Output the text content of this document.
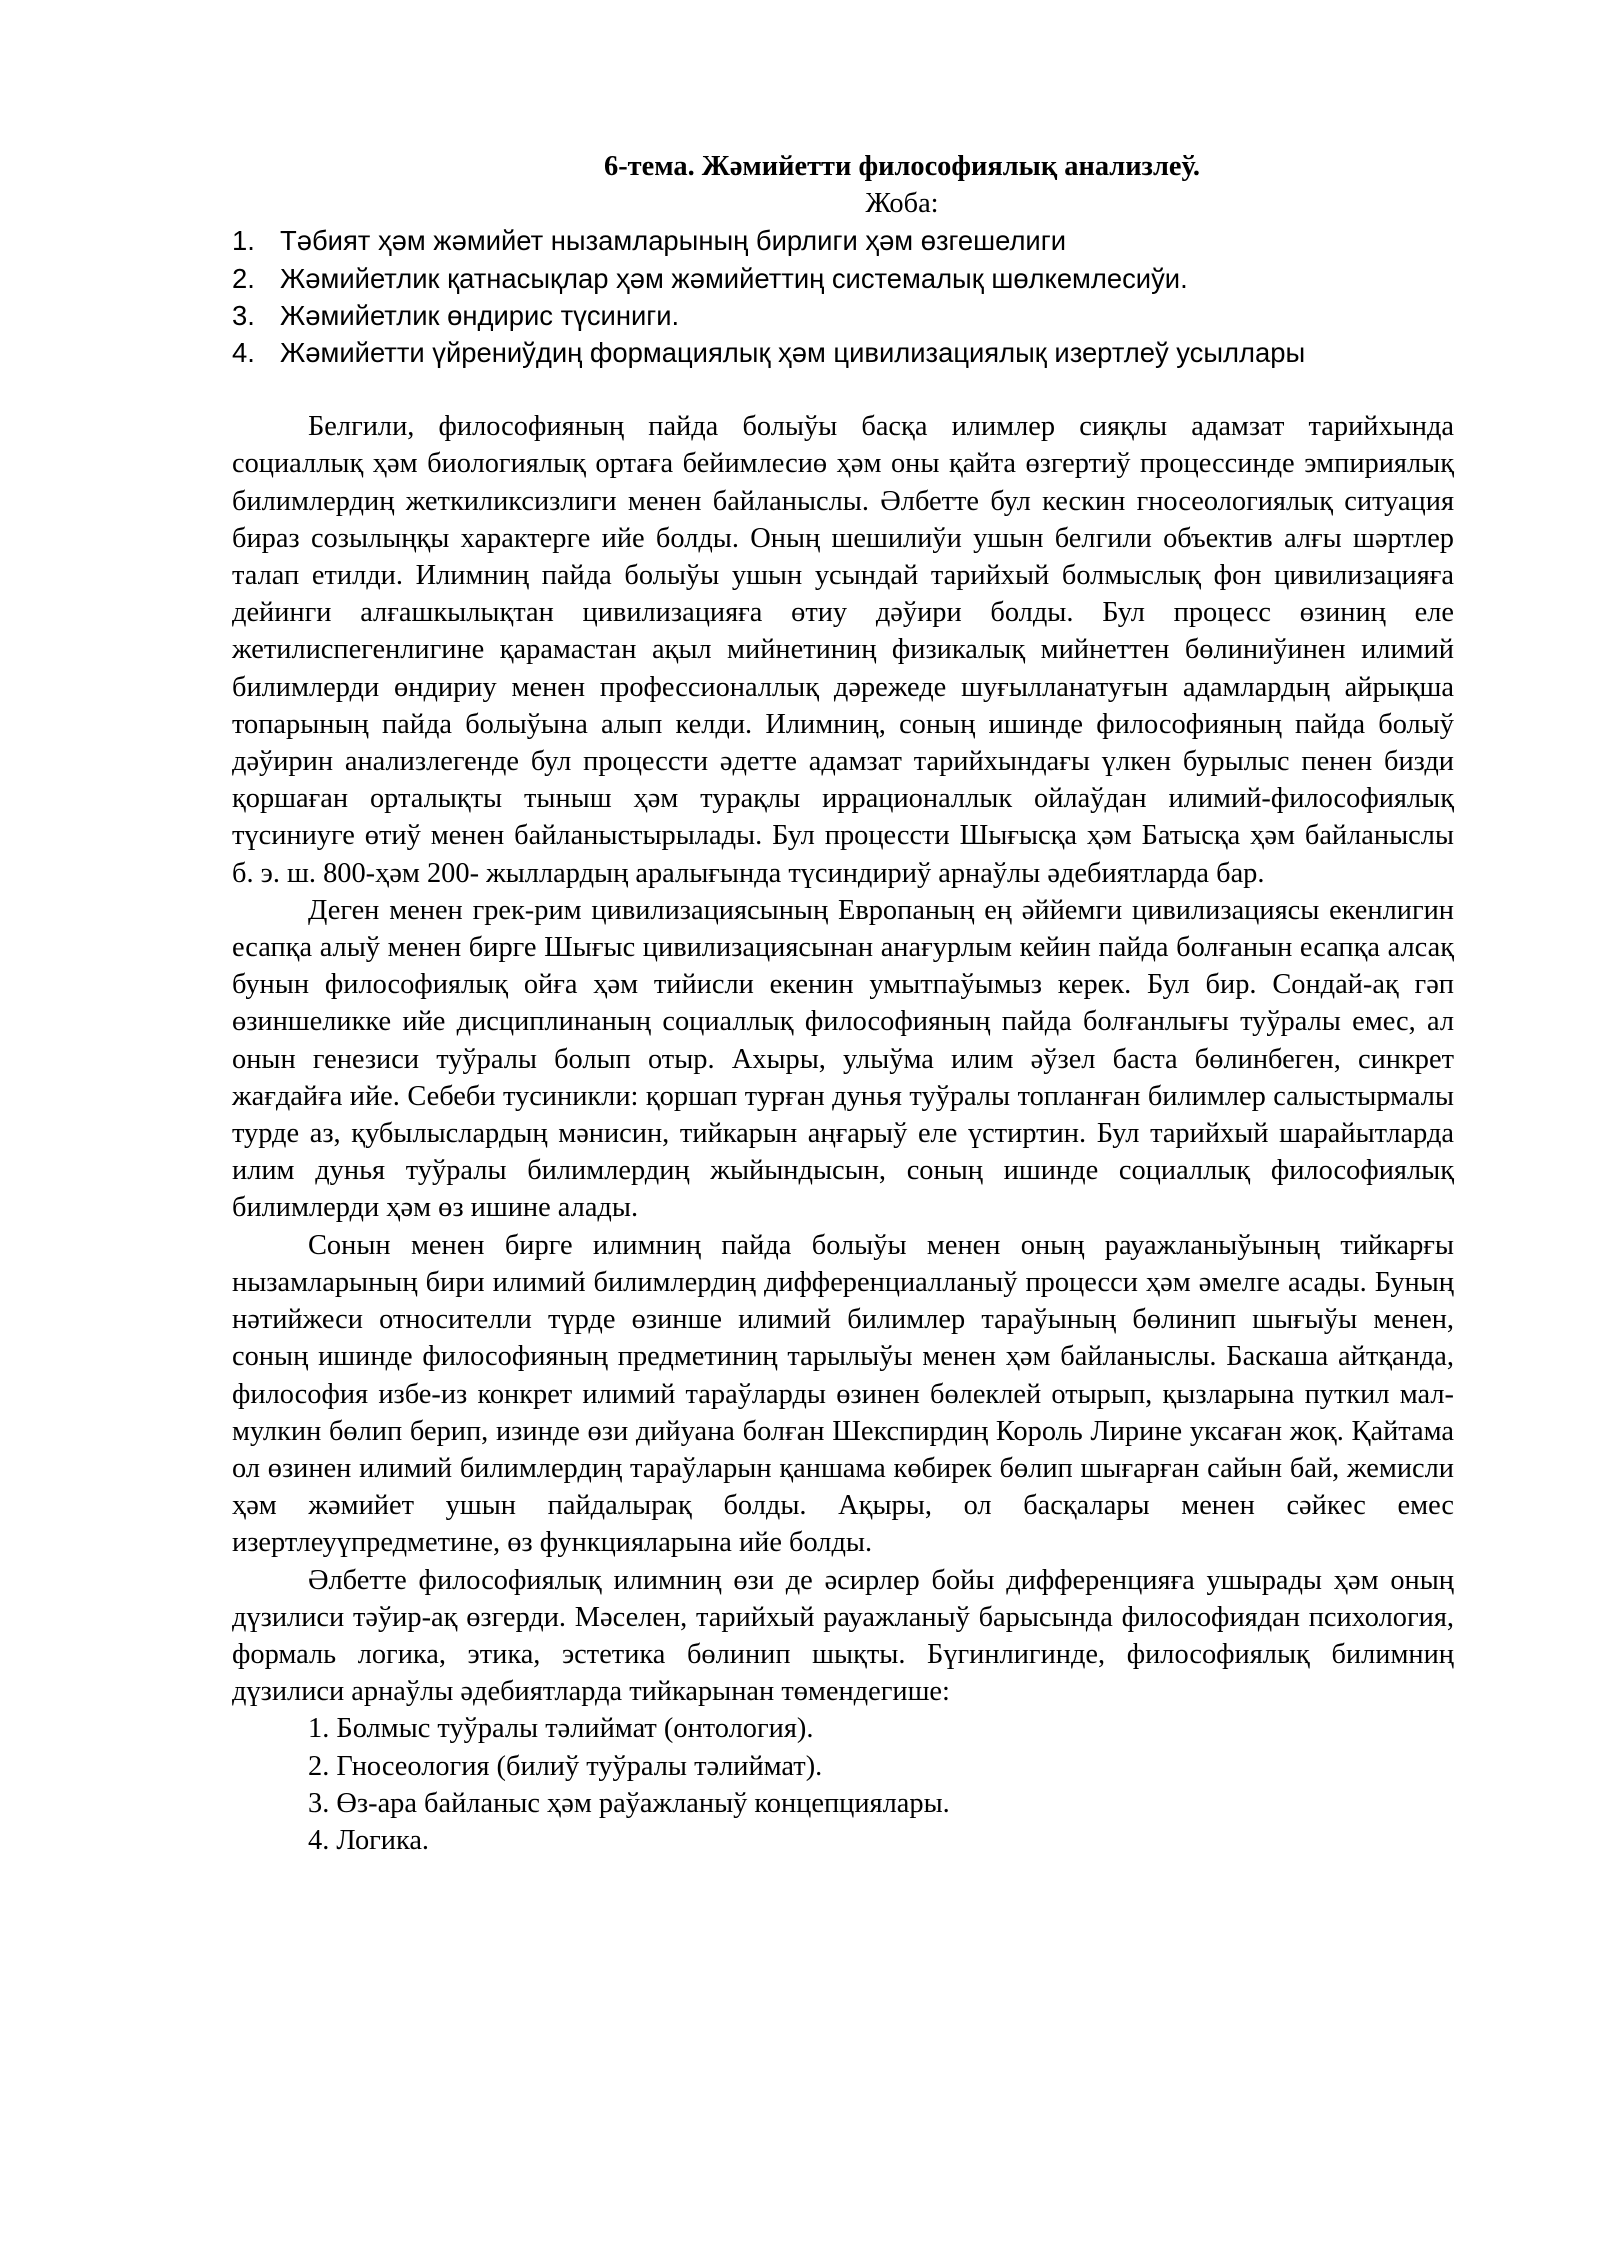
6-тема. Жәмийетти философиялық анализлеў.

Жоба:

1. Тәбият ҳәм жәмийет нызамларының бирлиги ҳәм өзгешелиги
2. Жәмийетлик қатнасықлар ҳәм жәмийеттиң системалық шөлкемлесиўи.
3. Жәмийетлик өндирис түсиниги.
4. Жәмийетти үйрениўдиң формациялық ҳәм цивилизациялық изертлеў усыллары

Белгили, философияның пайда болыўы басқа илимлер сияқлы адамзат тарийхында социаллық ҳәм биологиялық ортаға бейимлесиө ҳәм оны қайта өзгертиў процессинде эмпириялық билимлердиң жеткиликсизлиги менен байланыслы. Әлбетте бул кескин гносеологиялық ситуация бираз созылыңқы характерге ийе болды. Оның шешилиўи ушын белгили объектив алғы шәртлер талап етилди. Илимниң пайда болыўы ушын усындай тарийхый болмыслық фон цивилизацияға дейинги алғашкылықтан цивилизацияға өтиу дәўири болды. Бул процесс өзиниң еле жетилиспегенлигине қарамастан ақыл мийнетиниң физикалық мийнеттен бөлиниўинен илимий билимлерди өндириу менен профессионаллық дәрежеде шуғылланатуғын адамлардың айрықша топарының пайда болыўына алып келди. Илимниң, соның ишинде философияның пайда болыў дәўирин анализлегенде бул процессти әдетте адамзат тарийхындағы үлкен бурылыс пенен бизди қоршаған орталықты тыныш ҳәм турақлы иррационаллык ойлаўдан илимий-философиялық түсиниуге өтиў менен байланыстырылады. Бул процессти Шығысқа ҳәм Батысқа ҳәм байланыслы б. э. ш. 800-ҳәм 200- жыллардың аралығында түсиндириў арнаўлы әдебиятларда бар.

Деген менен грек-рим цивилизациясының Европаның ең әййемги цивилизациясы екенлигин есапқа алыў менен бирге Шығыс цивилизациясынан анағурлым кейин пайда болғанын есапқа алсақ бунын философиялық ойға ҳәм тийисли екенин умытпаўымыз керек. Бул бир. Сондай-ақ гәп өзиншеликке ийе дисциплинаның социаллық философияның пайда болғанлығы туўралы емес, ал онын генезиси туўралы болып отыр. Ахыры, улыўма илим әўзел баста бөлинбеген, синкрет жағдайға ийе. Себеби тусиникли: қоршап турған дунья туўралы топланған билимлер салыстырмалы турде аз, қубылыслардың мәнисин, тийкарын аңғарыў еле үстиртин. Бул тарийхый шарайытларда илим дунья туўралы билимлердиң жыйындысын, соның ишинде социаллық философиялық билимлерди ҳәм өз ишине алады.

Сонын менен бирге илимниң пайда болыўы менен оның рауажланыўының тийкарғы нызамларының бири илимий билимлердиң дифференциалланыў процесси ҳәм әмелге асады. Буның нәтийжеси относителли түрде өзинше илимий билимлер тараўының бөлинип шығыўы менен, соның ишинде философияның предметиниң тарылыўы менен ҳәм байланыслы. Баскаша айтқанда, философия избе-из конкрет илимий тараўларды өзинен бөлеклей отырып, қызларына путкил мал-мулкин бөлип берип, изинде өзи дийуана болған Шекспирдиң Король Лирине уксаған жоқ. Қайтама ол өзинен илимий билимлердиң тараўларын қаншама көбирек бөлип шығарған сайын бай, жемисли ҳәм жәмийет ушын пайдалырақ болды. Ақыры, ол басқалары менен сәйкес емес изертлеуүпредметине, өз функцияларына ийе болды.

Әлбетте философиялық илимниң өзи де әсирлер бойы дифференцияға ушырады ҳәм оның дүзилиси тәўир-ақ өзгерди. Мәселен, тарийхый рауажланыў барысында философиядан психология, формаль логика, этика, эстетика бөлинип шықты. Бүгинлигинде, философиялық билимниң дүзилиси арнаўлы әдебиятларда тийкарынан төмендегише:

1. Болмыс туўралы тәлиймат (онтология).
2. Гносеология (билиў туўралы тәлиймат).
3. Өз-ара байланыс ҳәм раўажланыў концепциялары.
4. Логика.
